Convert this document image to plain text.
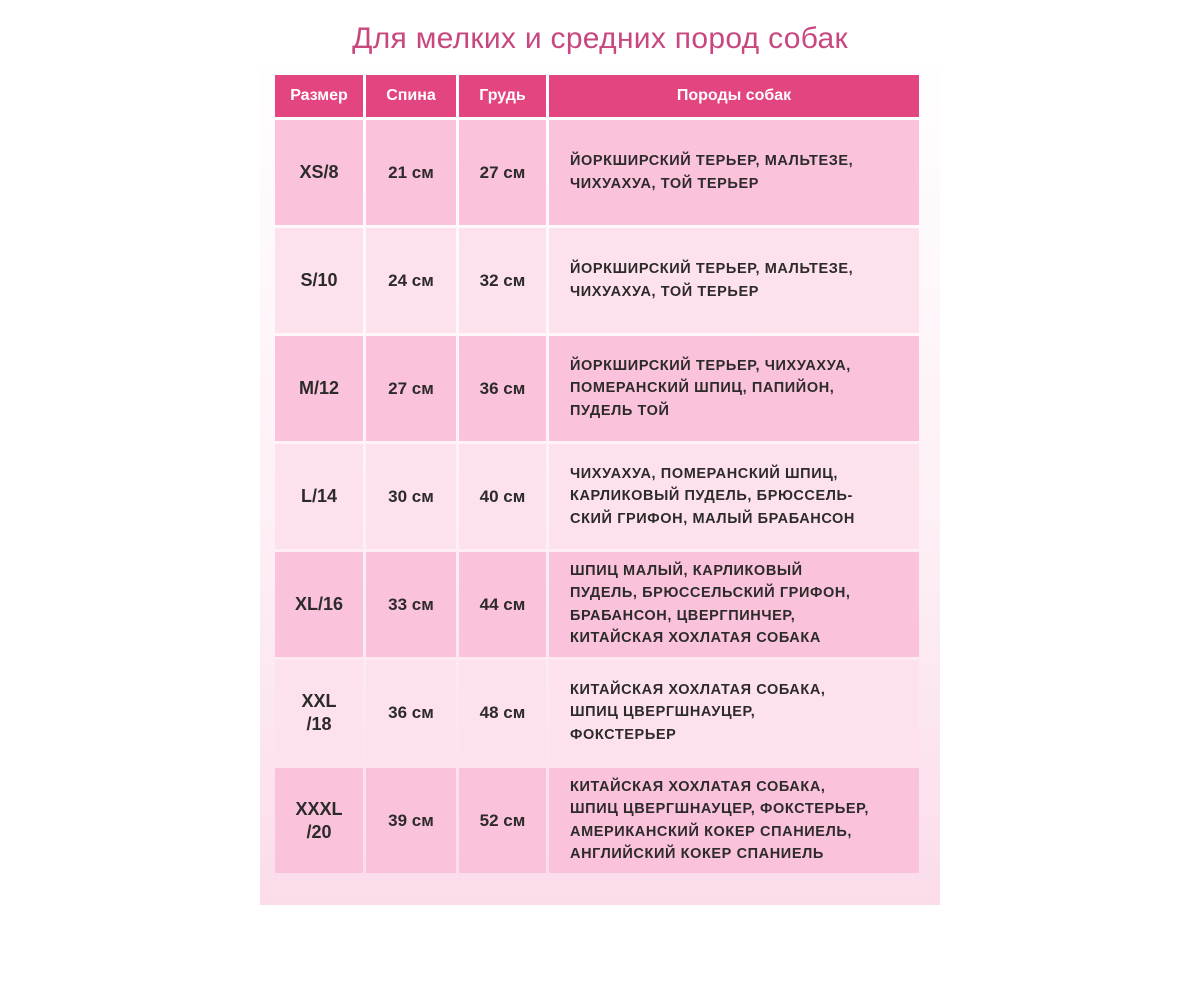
Для мелких и средних пород собак
Размер	Спина	Грудь	Породы собак
XS/8	21 см	27 см
ЙОРКШИРСКИЙ ТЕРЬЕР, МАЛЬТЕЗЕ,
ЧИХУАХУА, ТОЙ ТЕРЬЕР
S/10	24 см	32 см
ЙОРКШИРСКИЙ ТЕРЬЕР, МАЛЬТЕЗЕ,
ЧИХУАХУА, ТОЙ ТЕРЬЕР
M/12	27 см	36 см
ЙОРКШИРСКИЙ ТЕРЬЕР, ЧИХУАХУА,
ПОМЕРАНСКИЙ ШПИЦ, ПАПИЙОН,
ПУДЕЛЬ ТОЙ
L/14	30 см	40 см
ЧИХУАХУА, ПОМЕРАНСКИЙ ШПИЦ,
КАРЛИКОВЫЙ ПУДЕЛЬ, БРЮССЕЛЬ-
СКИЙ ГРИФОН, МАЛЫЙ БРАБАНСОН
XL/16	33 см	44 см
ШПИЦ МАЛЫЙ, КАРЛИКОВЫЙ
ПУДЕЛЬ, БРЮССЕЛЬСКИЙ ГРИФОН,
БРАБАНСОН, ЦВЕРГПИНЧЕР,
КИТАЙСКАЯ ХОХЛАТАЯ СОБАКА
XXL
/18
36 см	48 см
КИТАЙСКАЯ ХОХЛАТАЯ СОБАКА,
ШПИЦ ЦВЕРГШНАУЦЕР,
ФОКСТЕРЬЕР
XXXL
/20
39 см	52 см
КИТАЙСКАЯ ХОХЛАТАЯ СОБАКА,
ШПИЦ ЦВЕРГШНАУЦЕР, ФОКСТЕРЬЕР,
АМЕРИКАНСКИЙ КОКЕР СПАНИЕЛЬ,
АНГЛИЙСКИЙ КОКЕР СПАНИЕЛЬ
